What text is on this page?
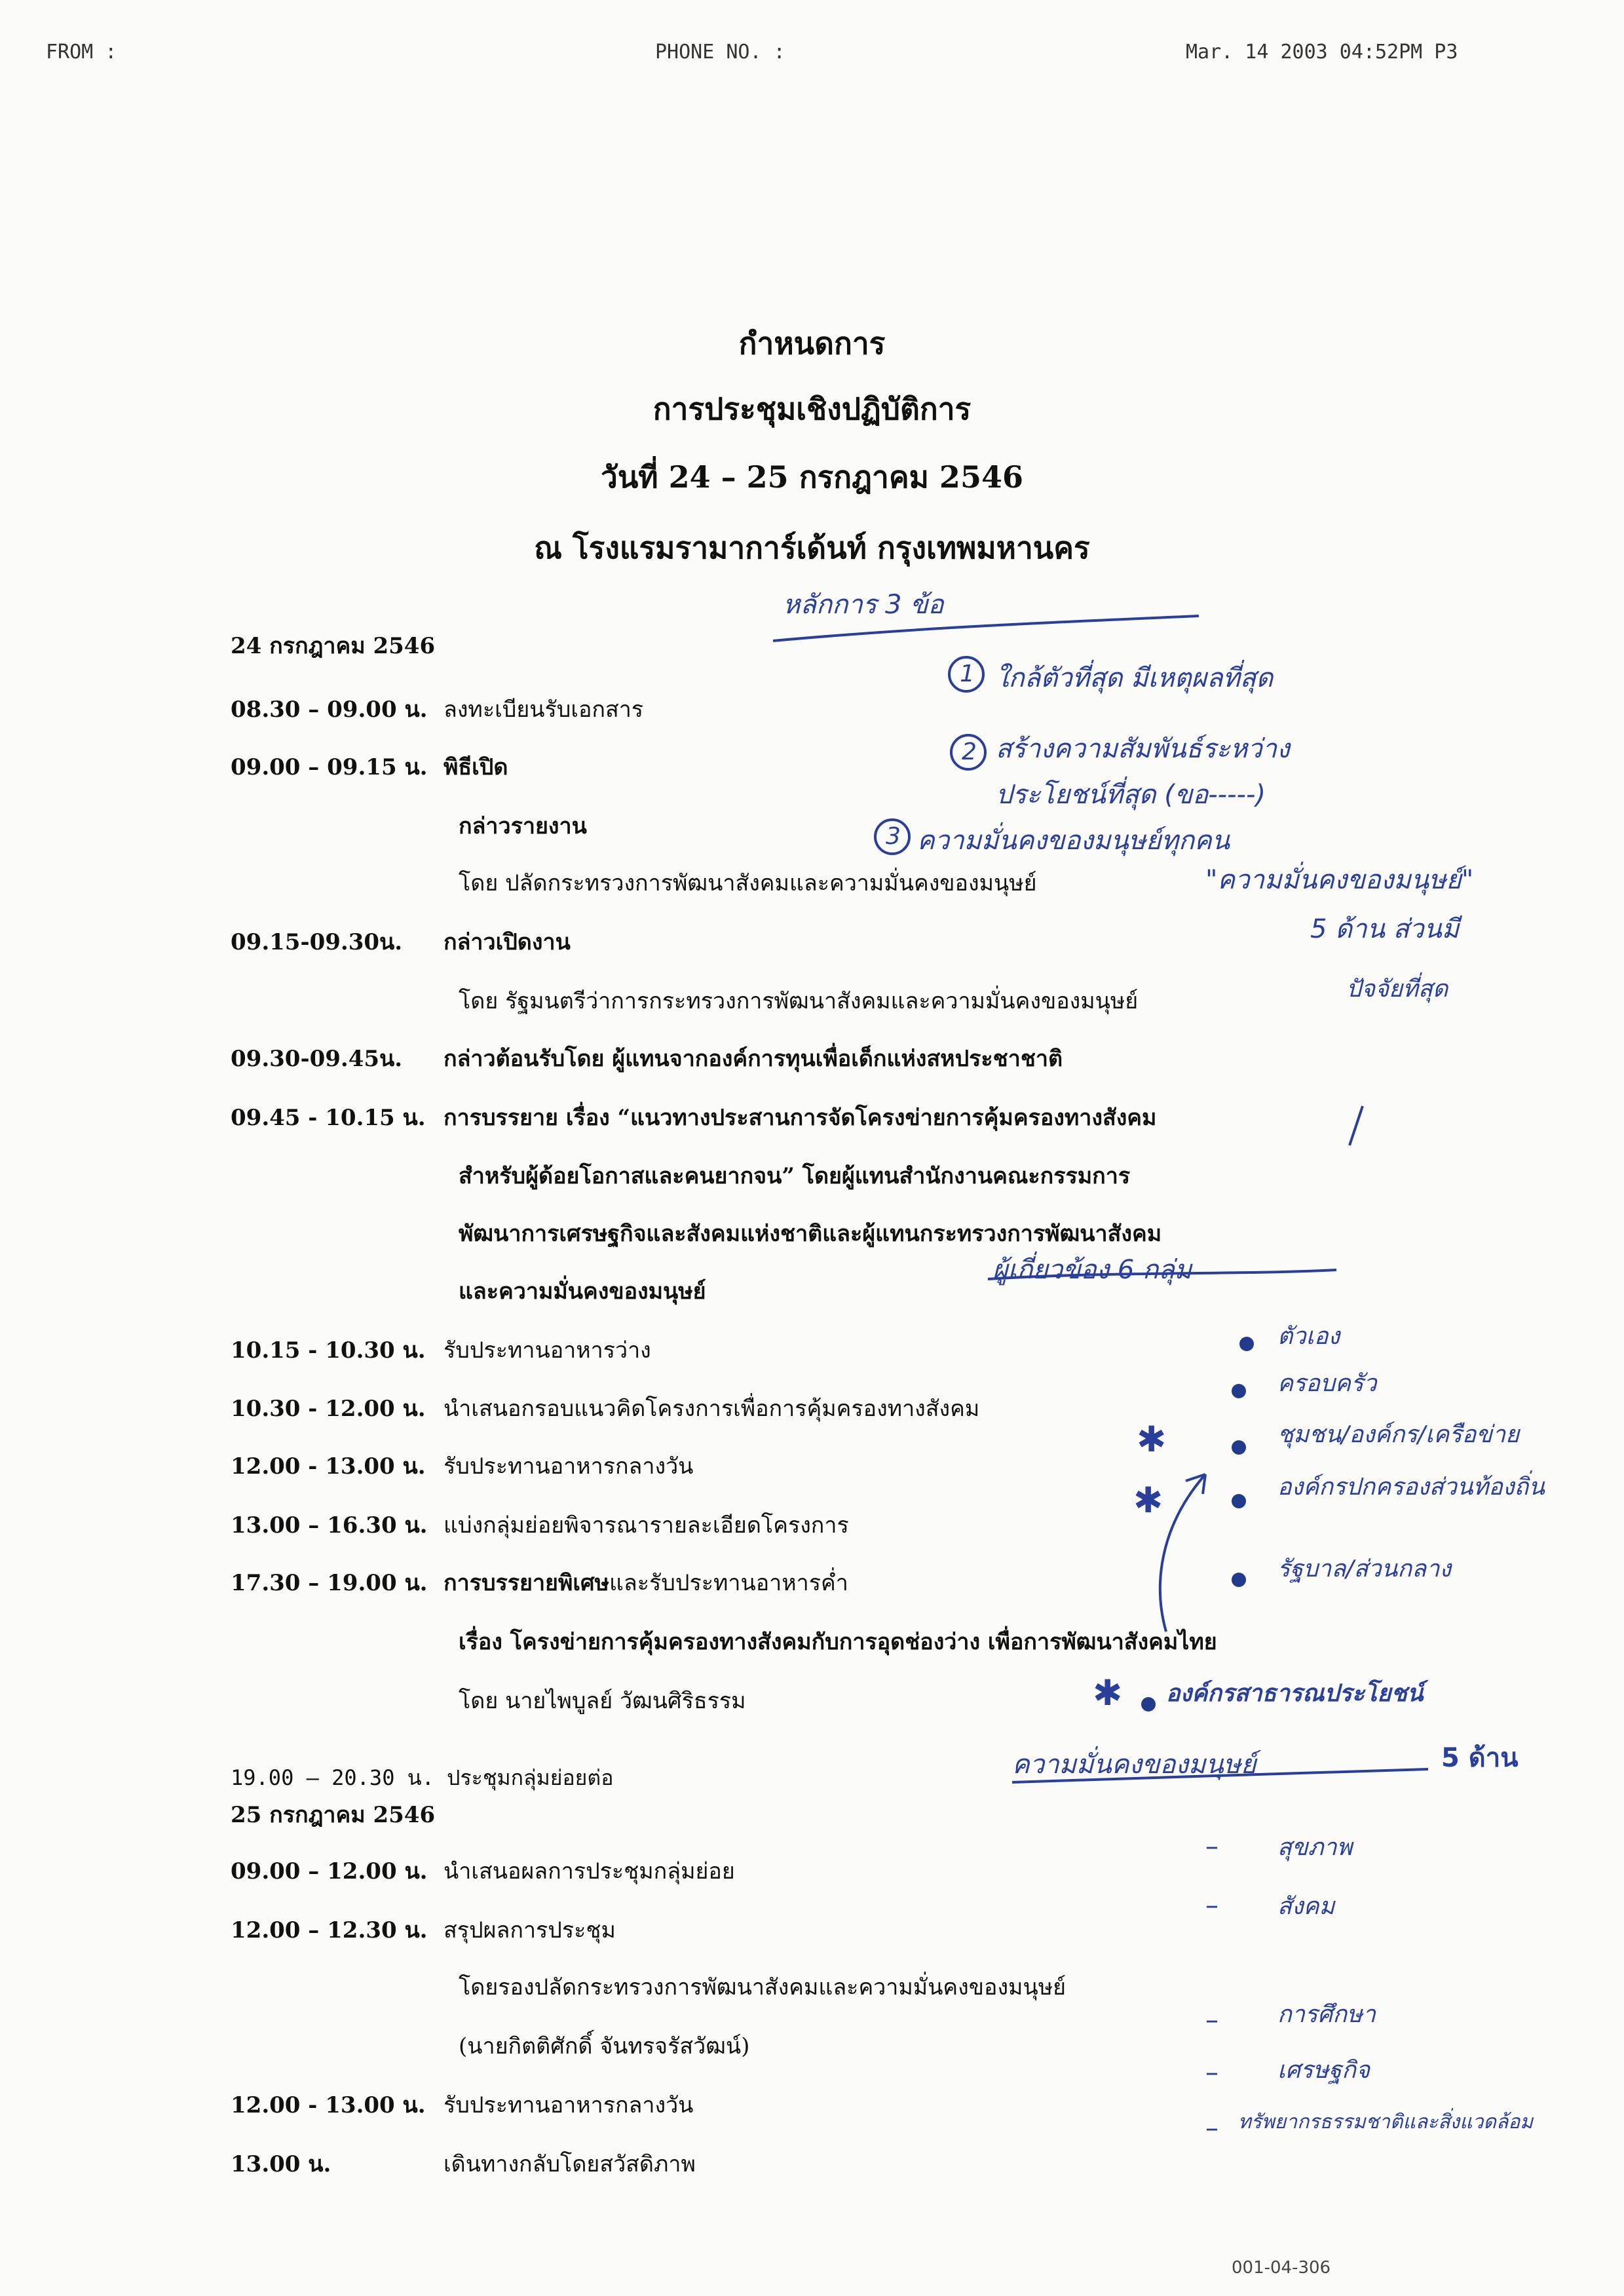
FROM :	PHONE NO. :	Mar. 14 2003 04:52PM P3
กำหนดการ
การประชุมเชิงปฏิบัติการ
วันที่ 24 – 25 กรกฎาคม 2546
ณ โรงแรมรามาการ์เด้นท์ กรุงเทพมหานคร
24 กรกฎาคม 2546
08.30 – 09.00 น. ลงทะเบียนรับเอกสาร
09.00 – 09.15 น. พิธีเปิด
กล่าวรายงาน
โดย ปลัดกระทรวงการพัฒนาสังคมและความมั่นคงของมนุษย์
09.15-09.30น. กล่าวเปิดงาน
โดย รัฐมนตรีว่าการกระทรวงการพัฒนาสังคมและความมั่นคงของมนุษย์
09.30-09.45น. กล่าวต้อนรับโดย ผู้แทนจากองค์การทุนเพื่อเด็กแห่งสหประชาชาติ
09.45 - 10.15 น. การบรรยาย เรื่อง “แนวทางประสานการจัดโครงข่ายการคุ้มครองทางสังคม
สำหรับผู้ด้อยโอกาสและคนยากจน” โดยผู้แทนสำนักงานคณะกรรมการ
พัฒนาการเศรษฐกิจและสังคมแห่งชาติและผู้แทนกระทรวงการพัฒนาสังคม
และความมั่นคงของมนุษย์
10.15 - 10.30 น. รับประทานอาหารว่าง
10.30 - 12.00 น. นำเสนอกรอบแนวคิดโครงการเพื่อการคุ้มครองทางสังคม
12.00 - 13.00 น. รับประทานอาหารกลางวัน
13.00 – 16.30 น. แบ่งกลุ่มย่อยพิจารณารายละเอียดโครงการ
17.30 – 19.00 น. การบรรยายพิเศษและรับประทานอาหารค่ำ
เรื่อง โครงข่ายการคุ้มครองทางสังคมกับการอุดช่องว่าง เพื่อการพัฒนาสังคมไทย
โดย นายไพบูลย์ วัฒนศิริธรรม
19.00 – 20.30 น. ประชุมกลุ่มย่อยต่อ
25 กรกฎาคม 2546
09.00 – 12.00 น. นำเสนอผลการประชุมกลุ่มย่อย
12.00 – 12.30 น. สรุปผลการประชุม
โดยรองปลัดกระทรวงการพัฒนาสังคมและความมั่นคงของมนุษย์
(นายกิตติศักดิ์ จันทรจรัสวัฒน์)
12.00 - 13.00 น. รับประทานอาหารกลางวัน
13.00 น.	เดินทางกลับโดยสวัสดิภาพ
หลักการ 3 ข้อ
1 ใกล้ตัวที่สุด มีเหตุผลที่สุด
2 สร้างความสัมพันธ์ระหว่าง
ประโยชน์ที่สุด (ขอ-----)
3 ความมั่นคงของมนุษย์ทุกคน
"ความมั่นคงของมนุษย์"
5 ด้าน ส่วนมี
ปัจจัยที่สุด
ผู้เกี่ยวข้อง 6 กลุ่ม
ตัวเอง
ครอบครัว
ชุมชน/องค์กร/เครือข่าย
องค์กรปกครองส่วนท้องถิ่น
รัฐบาล/ส่วนกลาง
องค์กรสาธารณประโยชน์
✱
✱
✱
ความมั่นคงของมนุษย์	5 ด้าน
–	สุขภาพ
–	สังคม
–	การศึกษา
–	เศรษฐกิจ
– ทรัพยากรธรรมชาติและสิ่งแวดล้อม
001-04-306
